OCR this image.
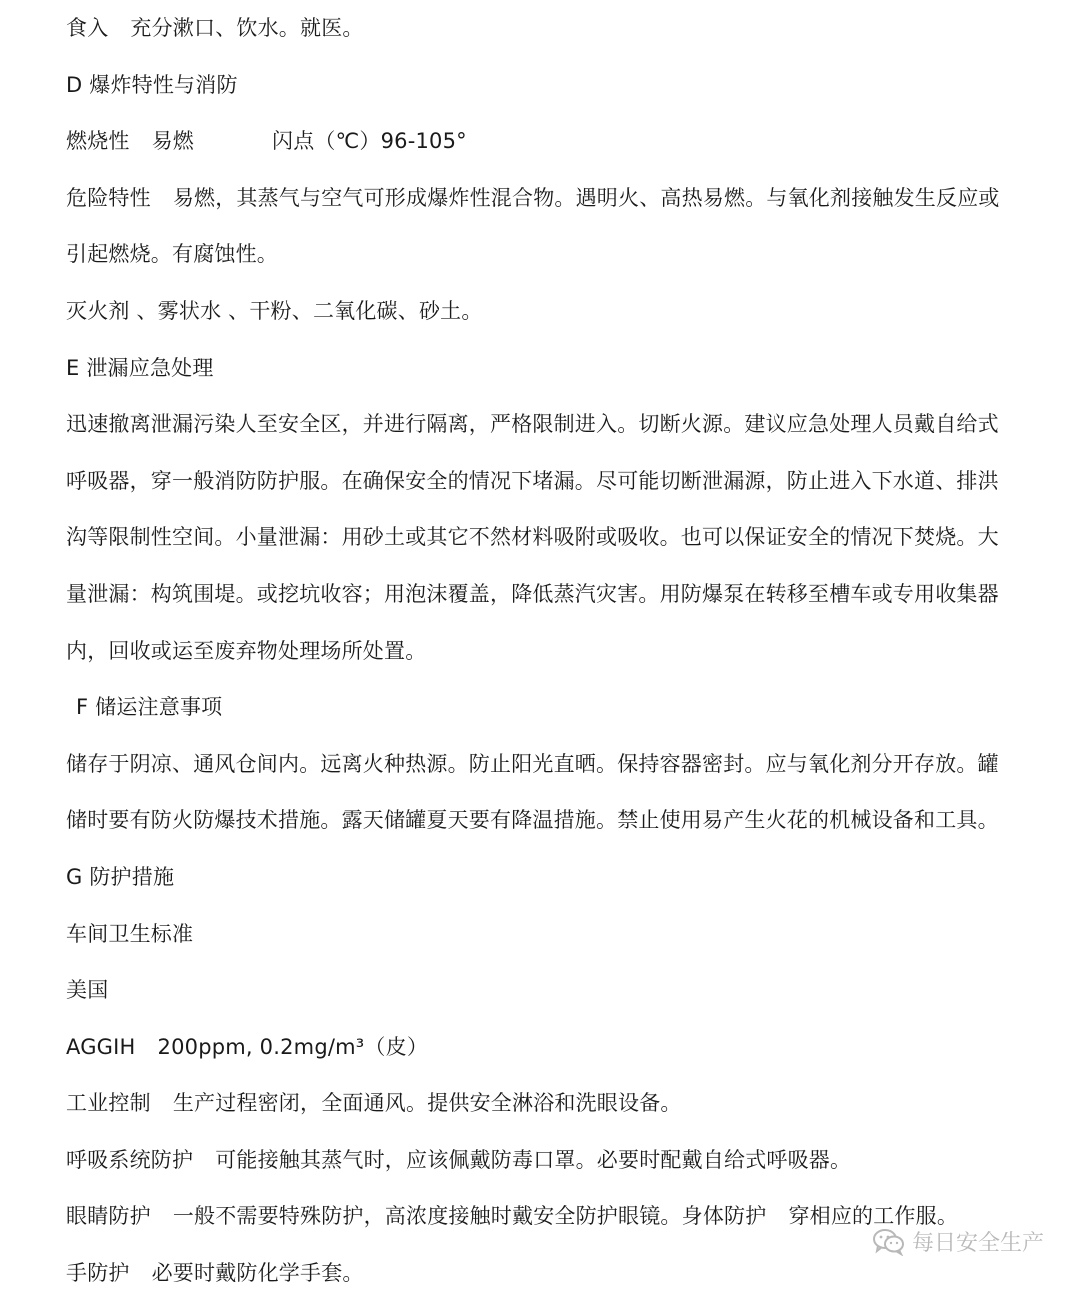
食入 充分漱口、饮水。就医。
D 爆炸特性与消防
燃烧性 易燃	闪点（℃）96-105°
危险特性 易燃，其蒸气与空气可形成爆炸性混合物。遇明火、高热易燃。与氧化剂接触发生反应或
引起燃烧。有腐蚀性。
灭火剂 、雾状水 、干粉、二氧化碳、砂土。
E 泄漏应急处理
迅速撤离泄漏污染人至安全区，并进行隔离，严格限制进入。切断火源。建议应急处理人员戴自给式
呼吸器，穿一般消防防护服。在确保安全的情况下堵漏。尽可能切断泄漏源，防止进入下水道、排洪
沟等限制性空间。小量泄漏：用砂土或其它不然材料吸附或吸收。也可以保证安全的情况下焚烧。大
量泄漏：构筑围堤。或挖坑收容；用泡沫覆盖，降低蒸汽灾害。用防爆泵在转移至槽车或专用收集器
内，回收或运至废弃物处理场所处置。
F 储运注意事项
储存于阴凉、通风仓间内。远离火种热源。防止阳光直晒。保持容器密封。应与氧化剂分开存放。罐
储时要有防火防爆技术措施。露天储罐夏天要有降温措施。禁止使用易产生火花的机械设备和工具。
G 防护措施
车间卫生标准
美国
AGGIH 200ppm, 0.2mg/m³（皮）
工业控制 生产过程密闭，全面通风。提供安全淋浴和洗眼设备。
呼吸系统防护 可能接触其蒸气时，应该佩戴防毒口罩。必要时配戴自给式呼吸器。
眼睛防护 一般不需要特殊防护，高浓度接触时戴安全防护眼镜。身体防护 穿相应的工作服。
手防护 必要时戴防化学手套。
每日安全生产
